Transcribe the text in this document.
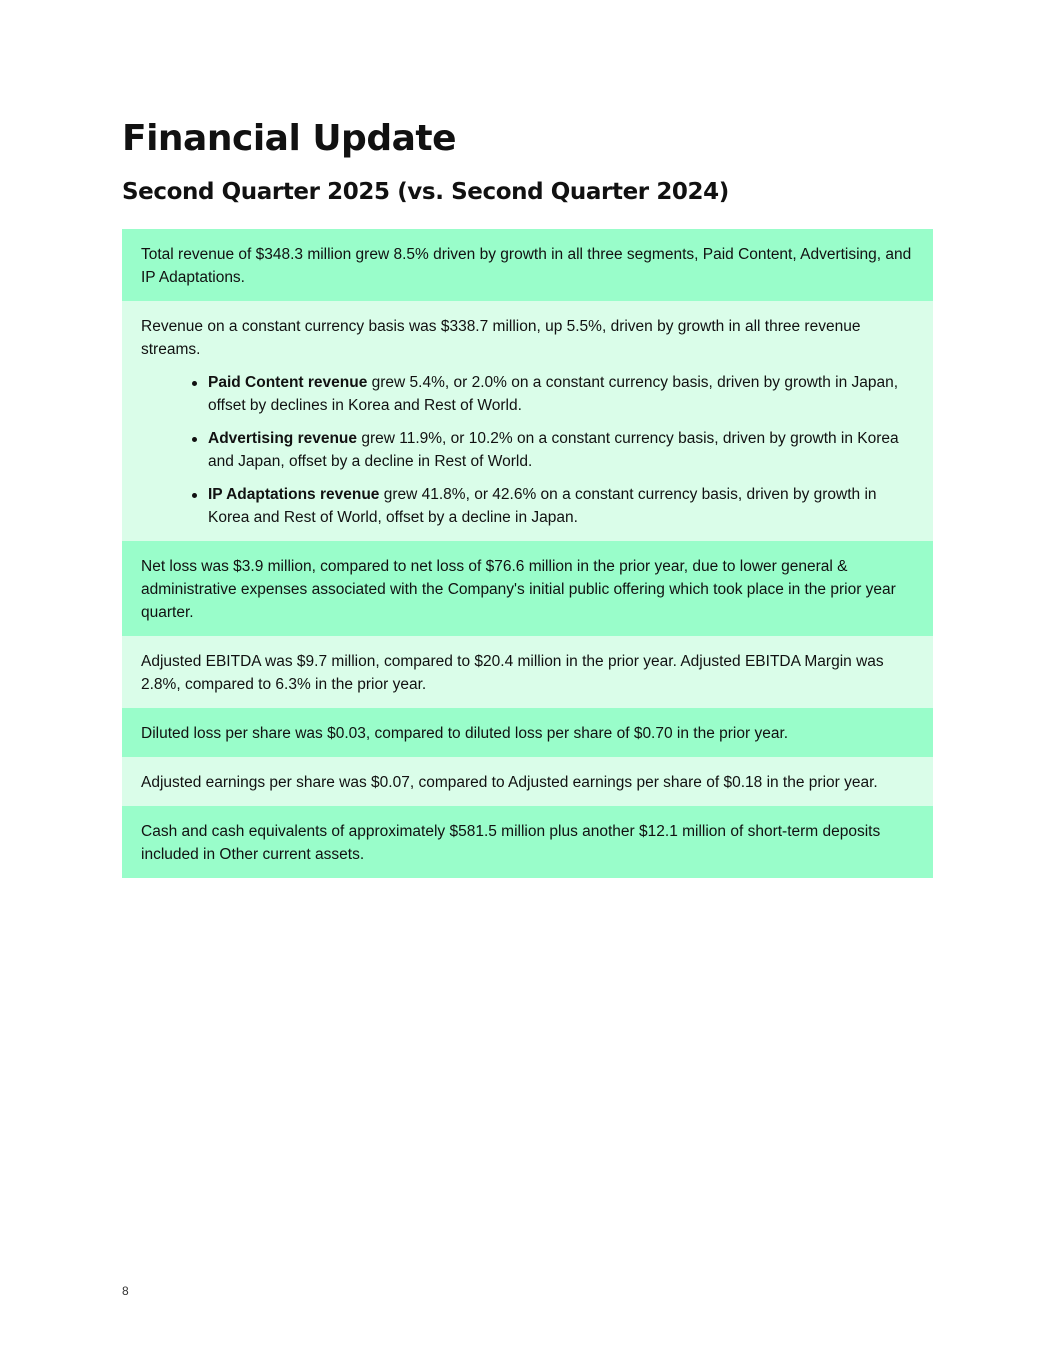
Financial Update
Second Quarter 2025 (vs. Second Quarter 2024)

Total revenue of $348.3 million grew 8.5% driven by growth in all three segments, Paid Content, Advertising, and IP Adaptations.

Revenue on a constant currency basis was $338.7 million, up 5.5%, driven by growth in all three revenue streams.

Paid Content revenue grew 5.4%, or 2.0% on a constant currency basis, driven by growth in Japan, offset by declines in Korea and Rest of World.
Advertising revenue grew 11.9%, or 10.2% on a constant currency basis, driven by growth in Korea and Japan, offset by a decline in Rest of World.
IP Adaptations revenue grew 41.8%, or 42.6% on a constant currency basis, driven by growth in Korea and Rest of World, offset by a decline in Japan.

Net loss was $3.9 million, compared to net loss of $76.6 million in the prior year, due to lower general & administrative expenses associated with the Company's initial public offering which took place in the prior year quarter.

Adjusted EBITDA was $9.7 million, compared to $20.4 million in the prior year. Adjusted EBITDA Margin was 2.8%, compared to 6.3% in the prior year.

Diluted loss per share was $0.03, compared to diluted loss per share of $0.70 in the prior year.

Adjusted earnings per share was $0.07, compared to Adjusted earnings per share of $0.18 in the prior year.

Cash and cash equivalents of approximately $581.5 million plus another $12.1 million of short-term deposits included in Other current assets.

8
